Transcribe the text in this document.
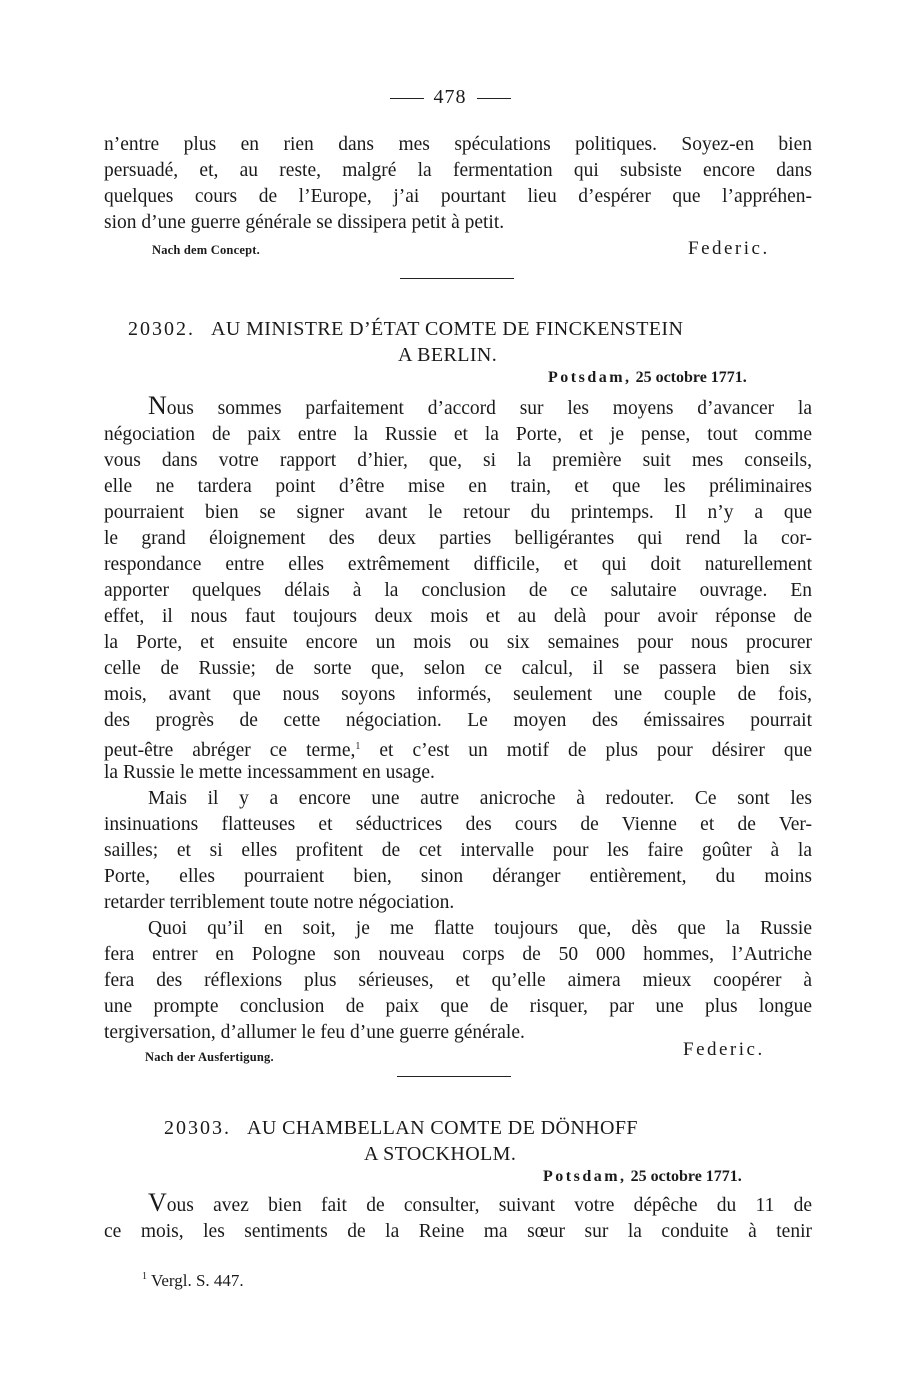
478
n’entre plus en rien dans mes spéculations politiques. Soyez-en bien
persuadé, et, au reste, malgré la fermentation qui subsiste encore dans
quelques cours de l’Europe, j’ai pourtant lieu d’espérer que l’appréhen-
sion d’une guerre générale se dissipera petit à petit.
Nach dem Concept.	Federic.
20302. AU MINISTRE D’ÉTAT COMTE DE FINCKENSTEIN
A BERLIN.
Potsdam, 25 octobre 1771.
Nous sommes parfaitement d’accord sur les moyens d’avancer la
négociation de paix entre la Russie et la Porte, et je pense, tout comme
vous dans votre rapport d’hier, que, si la première suit mes conseils,
elle ne tardera point d’être mise en train, et que les préliminaires
pourraient bien se signer avant le retour du printemps. Il n’y a que
le grand éloignement des deux parties belligérantes qui rend la cor-
respondance entre elles extrêmement difficile, et qui doit naturellement
apporter quelques délais à la conclusion de ce salutaire ouvrage. En
effet, il nous faut toujours deux mois et au delà pour avoir réponse de
la Porte, et ensuite encore un mois ou six semaines pour nous procurer
celle de Russie; de sorte que, selon ce calcul, il se passera bien six
mois, avant que nous soyons informés, seulement une couple de fois,
des progrès de cette négociation. Le moyen des émissaires pourrait
peut-être abréger ce terme,$^1$ et c’est un motif de plus pour désirer que
la Russie le mette incessamment en usage.
Mais il y a encore une autre anicroche à redouter. Ce sont les
insinuations flatteuses et séductrices des cours de Vienne et de Ver-
sailles; et si elles profitent de cet intervalle pour les faire goûter à la
Porte, elles pourraient bien, sinon déranger entièrement, du moins
retarder terriblement toute notre négociation.
Quoi qu’il en soit, je me flatte toujours que, dès que la Russie
fera entrer en Pologne son nouveau corps de 50 000 hommes, l’Autriche
fera des réflexions plus sérieuses, et qu’elle aimera mieux coopérer à
une prompte conclusion de paix que de risquer, par une plus longue
tergiversation, d’allumer le feu d’une guerre générale.
Nach der Ausfertigung.	Federic.
20303. AU CHAMBELLAN COMTE DE DÖNHOFF
A STOCKHOLM.
Potsdam, 25 octobre 1771.
Vous avez bien fait de consulter, suivant votre dépêche du 11 de
ce mois, les sentiments de la Reine ma sœur sur la conduite à tenir
$^1$ Vergl. S. 447.
